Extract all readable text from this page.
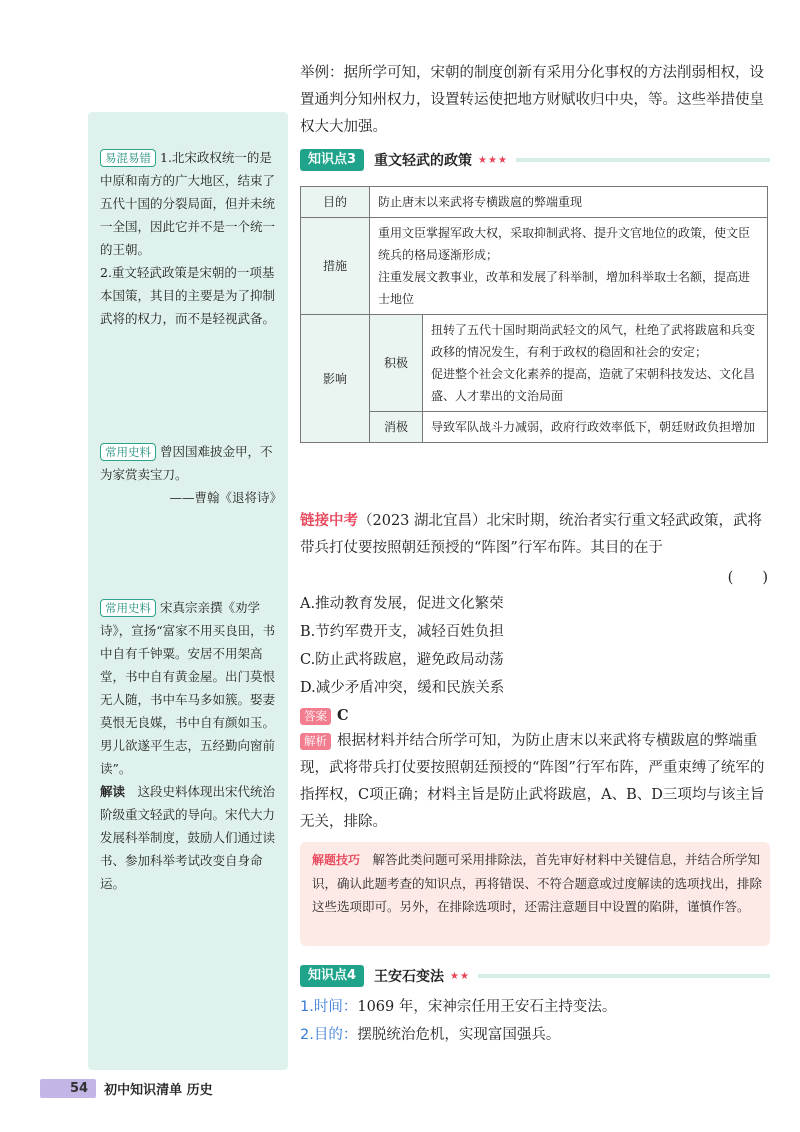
易混易错 1.北宋政权统一的是中原和南方的广大地区，结束了五代十国的分裂局面，但并未统一全国，因此它并不是一个统一的王朝。
2.重文轻武政策是宋朝的一项基本国策，其目的主要是为了抑制武将的权力，而不是轻视武备。
常用史料 曾因国难披金甲，不为家赏卖宝刀。
——曹翰《退将诗》
常用史料 宋真宗亲撰《劝学诗》，宣扬“富家不用买良田，书中自有千钟粟。安居不用架高堂，书中自有黄金屋。出门莫恨无人随，书中车马多如簇。娶妻莫恨无良媒，书中自有颜如玉。男儿欲遂平生志，五经勤向窗前读”。
解读　 这段史料体现出宋代统治阶级重文轻武的导向。宋代大力发展科举制度，鼓励人们通过读书、参加科举考试改变自身命运。
举例：据所学可知，宋朝的制度创新有采用分化事权的方法削弱相权，设置通判分知州权力，设置转运使把地方财赋收归中央，等。这些举措使皇权大大加强。
知识点3	重文轻武的政策 ★★★
目的	防止唐末以来武将专横跋扈的弊端重现	
措施	重用文臣掌握军政大权，采取抑制武将、提升文官地位的政策，使文臣统兵的格局逐渐形成；
注重发展文教事业，改革和发展了科举制，增加科举取士名额，提高进士地位	

影响	积极	扭转了五代十国时期尚武轻文的风气，杜绝了武将跋扈和兵变政移的情况发生，有利于政权的稳固和社会的安定；
促进整个社会文化素养的提高，造就了宋朝科技发达、文化昌盛、人才辈出的文治局面

	消极	导致军队战斗力减弱，政府行政效率低下，朝廷财政负担增加
链接中考（2023 湖北宜昌）北宋时期，统治者实行重文轻武政策，武将带兵打仗要按照朝廷预授的“阵图”行军布阵。其目的在于
(　　)
A.推动教育发展，促进文化繁荣
B.节约军费开支，减轻百姓负担
C.防止武将跋扈，避免政局动荡
D.减少矛盾冲突，缓和民族关系
答案 C
解析 根据材料并结合所学可知，为防止唐末以来武将专横跋扈的弊端重现，武将带兵打仗要按照朝廷预授的“阵图”行军布阵，严重束缚了统军的指挥权，C项正确；材料主旨是防止武将跋扈，A、B、D三项均与该主旨无关，排除。
解题技巧　 解答此类问题可采用排除法，首先审好材料中关键信息，并结合所学知识，确认此题考查的知识点，再将错误、不符合题意或过度解读的选项找出，排除这些选项即可。另外，在排除选项时，还需注意题目中设置的陷阱，谨慎作答。
知识点4	王安石变法 ★★
1.时间：1069 年，宋神宗任用王安石主持变法。
2.目的：摆脱统治危机，实现富国强兵。
54	初中知识清单 历史
